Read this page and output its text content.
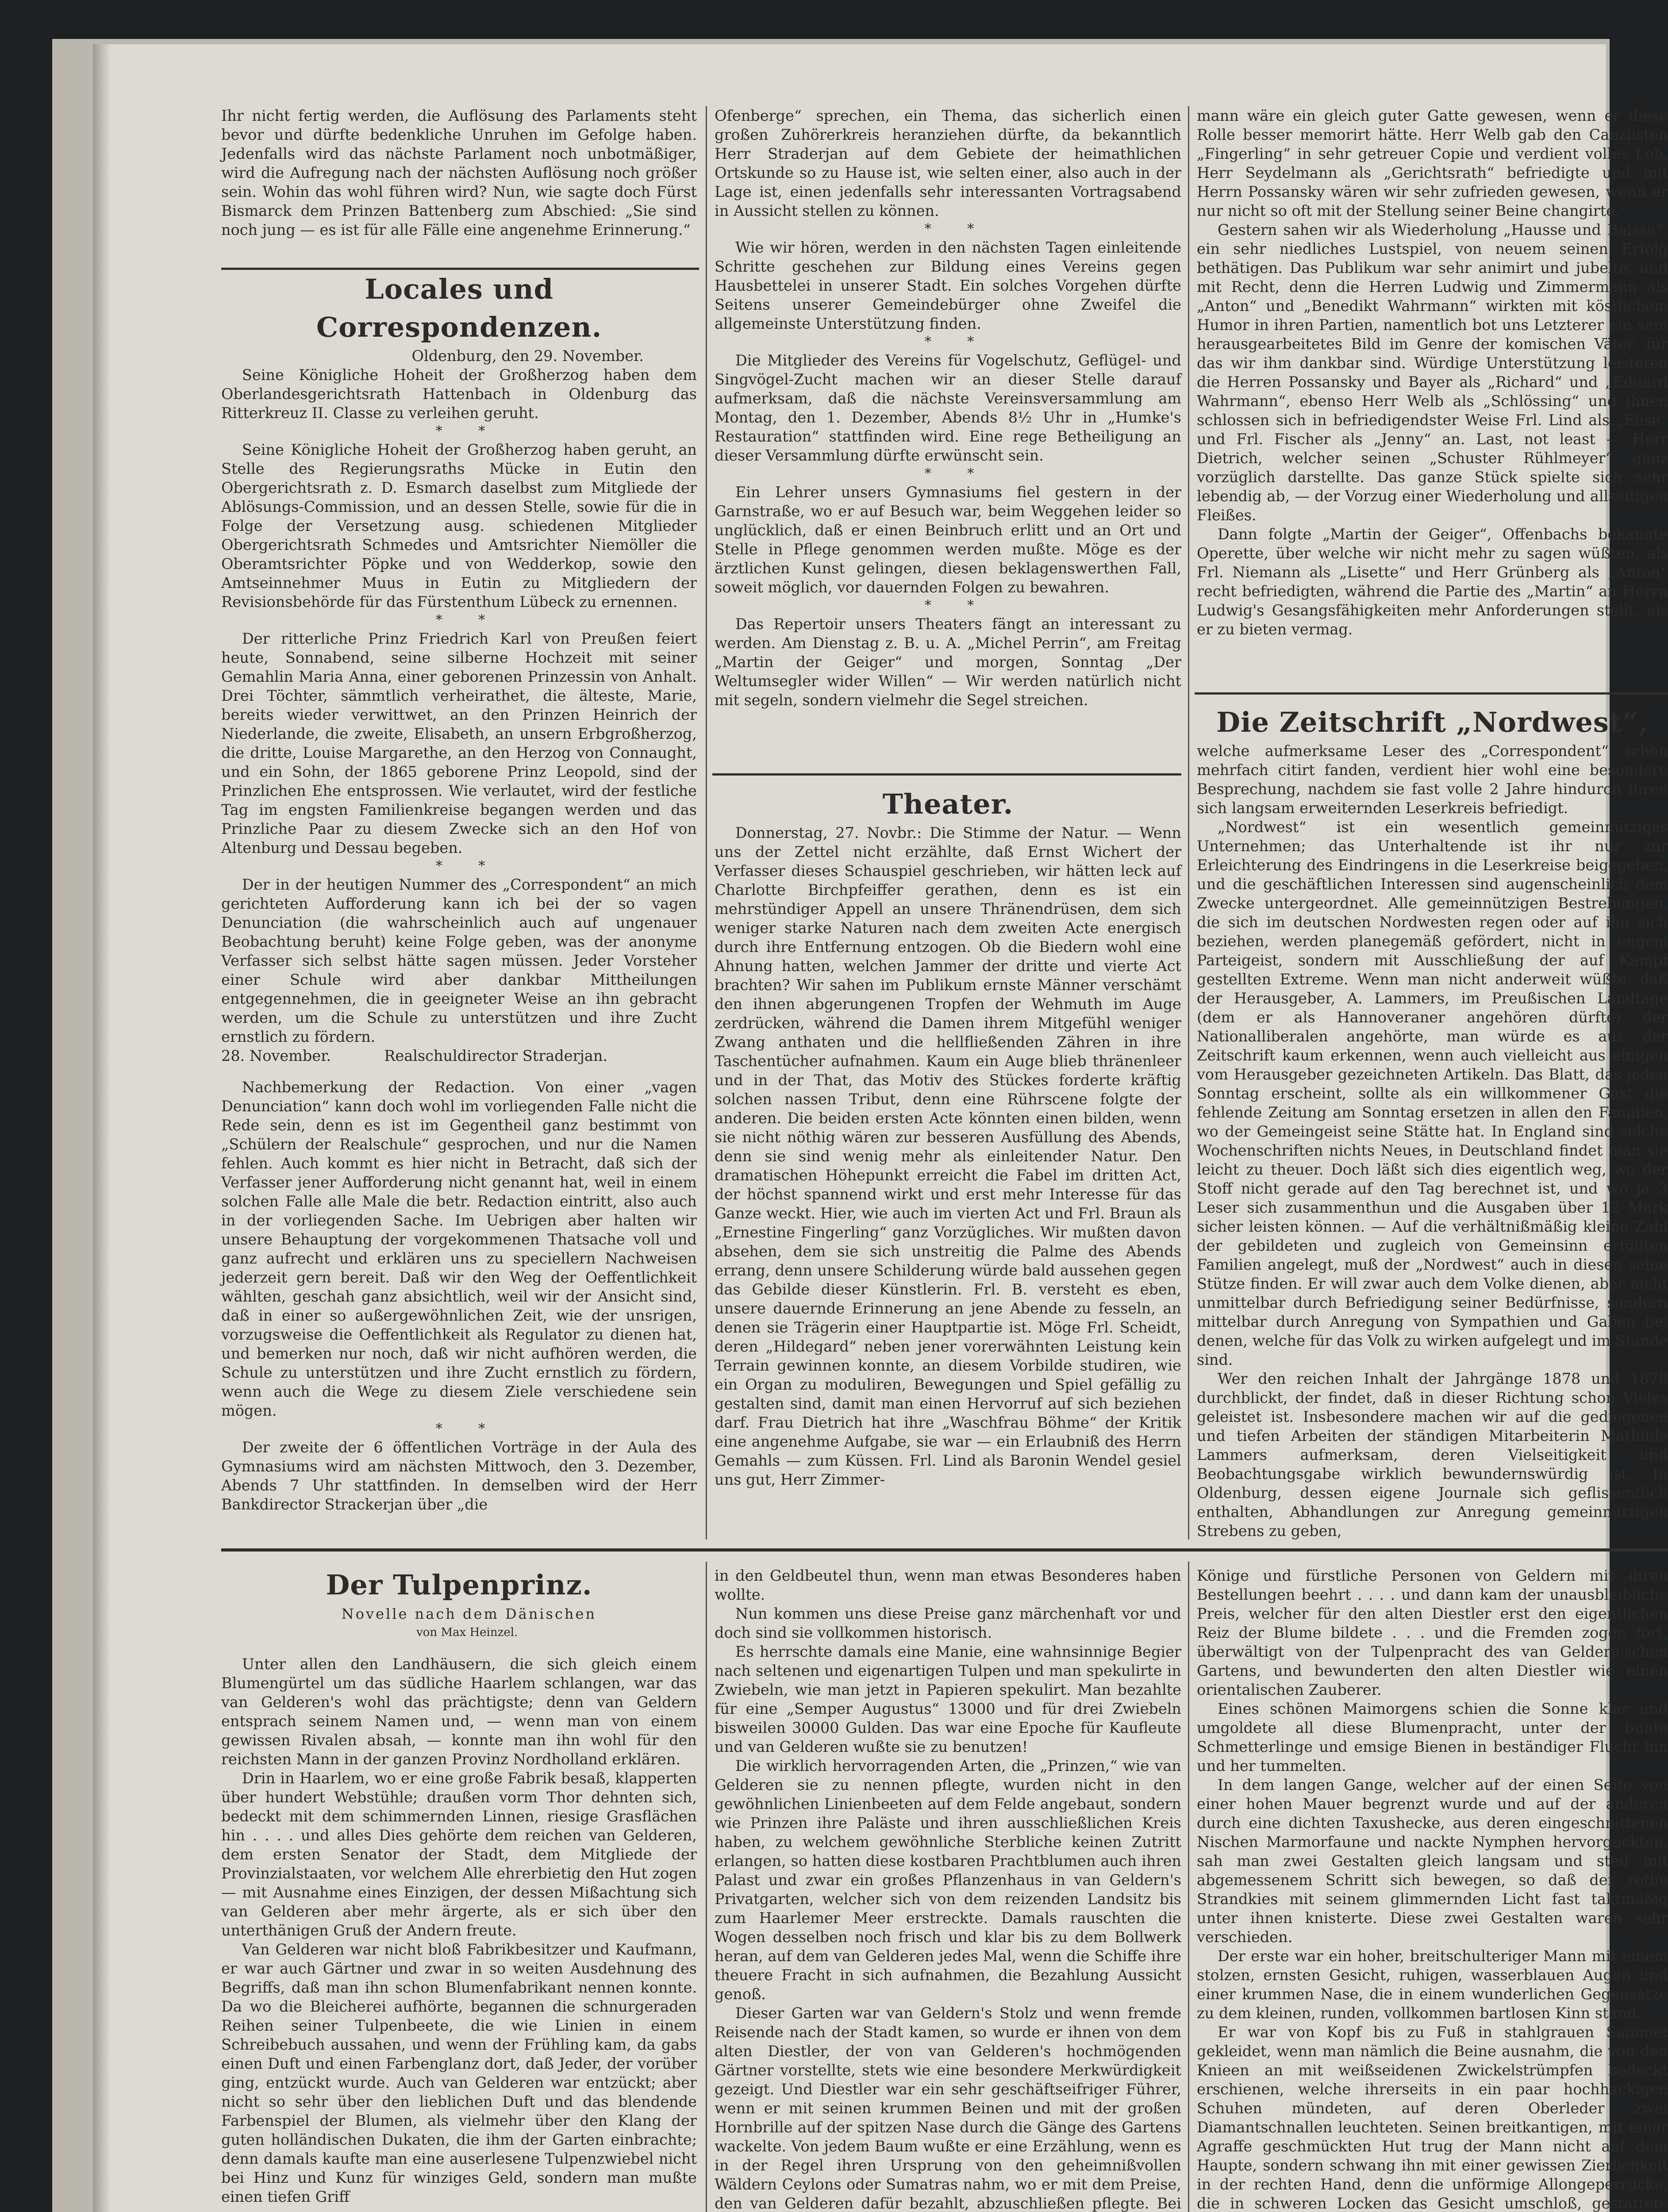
Ihr nicht fertig werden, die Auflösung des Parlaments steht bevor und dürfte bedenkliche Unruhen im Gefolge haben. Jedenfalls wird das nächste Parlament noch unbotmäßiger, wird die Aufregung nach der nächsten Auflösung noch größer sein. Wohin das wohl führen wird? Nun, wie sagte doch Fürst Bismarck dem Prinzen Battenberg zum Abschied: „Sie sind noch jung — es ist für alle Fälle eine angenehme Erinnerung.“

Locales und Correspondenzen.

Oldenburg, den 29. November.

Seine Königliche Hoheit der Großherzog haben dem Oberlandesgerichtsrath Hattenbach in Oldenburg das Ritterkreuz II. Classe zu verleihen geruht.

* *

Seine Königliche Hoheit der Großherzog haben geruht, an Stelle des Regierungsraths Mücke in Eutin den Obergerichtsrath z. D. Esmarch daselbst zum Mitgliede der Ablösungs-Commission, und an dessen Stelle, sowie für die in Folge der Versetzung ausg. schiedenen Mitglieder Obergerichtsrath Schmedes und Amtsrichter Niemöller die Oberamtsrichter Pöpke und von Wedderkop, sowie den Amtseinnehmer Muus in Eutin zu Mitgliedern der Revisionsbehörde für das Fürstenthum Lübeck zu ernennen.

* *

Der ritterliche Prinz Friedrich Karl von Preußen feiert heute, Sonnabend, seine silberne Hochzeit mit seiner Gemahlin Maria Anna, einer geborenen Prinzessin von Anhalt. Drei Töchter, sämmtlich verheirathet, die älteste, Marie, bereits wieder verwittwet, an den Prinzen Heinrich der Niederlande, die zweite, Elisabeth, an unsern Erbgroßherzog, die dritte, Louise Margarethe, an den Herzog von Connaught, und ein Sohn, der 1865 geborene Prinz Leopold, sind der Prinzlichen Ehe entsprossen. Wie verlautet, wird der festliche Tag im engsten Familienkreise begangen werden und das Prinzliche Paar zu diesem Zwecke sich an den Hof von Altenburg und Dessau begeben.

* *

Der in der heutigen Nummer des „Correspondent“ an mich gerichteten Aufforderung kann ich bei der so vagen Denunciation (die wahrscheinlich auch auf ungenauer Beobachtung beruht) keine Folge geben, was der anonyme Verfasser sich selbst hätte sagen müssen. Jeder Vorsteher einer Schule wird aber dankbar Mittheilungen entgegennehmen, die in geeigneter Weise an ihn gebracht werden, um die Schule zu unterstützen und ihre Zucht ernstlich zu fördern.

28. November.	Realschuldirector Straderjan.

Nachbemerkung der Redaction. Von einer „vagen Denunciation“ kann doch wohl im vorliegenden Falle nicht die Rede sein, denn es ist im Gegentheil ganz bestimmt von „Schülern der Realschule“ gesprochen, und nur die Namen fehlen. Auch kommt es hier nicht in Betracht, daß sich der Verfasser jener Aufforderung nicht genannt hat, weil in einem solchen Falle alle Male die betr. Redaction eintritt, also auch in der vorliegenden Sache. Im Uebrigen aber halten wir unsere Behauptung der vorgekommenen Thatsache voll und ganz aufrecht und erklären uns zu speciellern Nachweisen jederzeit gern bereit. Daß wir den Weg der Oeffentlichkeit wählten, geschah ganz absichtlich, weil wir der Ansicht sind, daß in einer so außergewöhnlichen Zeit, wie der unsrigen, vorzugsweise die Oeffentlichkeit als Regulator zu dienen hat, und bemerken nur noch, daß wir nicht aufhören werden, die Schule zu unterstützen und ihre Zucht ernstlich zu fördern, wenn auch die Wege zu diesem Ziele verschiedene sein mögen.

* *

Der zweite der 6 öffentlichen Vorträge in der Aula des Gymnasiums wird am nächsten Mittwoch, den 3. Dezember, Abends 7 Uhr stattfinden. In demselben wird der Herr Bankdirector Strackerjan über „die

Ofenberge“ sprechen, ein Thema, das sicherlich einen großen Zuhörerkreis heranziehen dürfte, da bekanntlich Herr Straderjan auf dem Gebiete der heimathlichen Ortskunde so zu Hause ist, wie selten einer, also auch in der Lage ist, einen jedenfalls sehr interessanten Vortragsabend in Aussicht stellen zu können.

* *

Wie wir hören, werden in den nächsten Tagen einleitende Schritte geschehen zur Bildung eines Vereins gegen Hausbettelei in unserer Stadt. Ein solches Vorgehen dürfte Seitens unserer Gemeindebürger ohne Zweifel die allgemeinste Unterstützung finden.

* *

Die Mitglieder des Vereins für Vogelschutz, Geflügel- und Singvögel-Zucht machen wir an dieser Stelle darauf aufmerksam, daß die nächste Vereinsversammlung am Montag, den 1. Dezember, Abends 8½ Uhr in „Humke's Restauration“ stattfinden wird. Eine rege Betheiligung an dieser Versammlung dürfte erwünscht sein.

* *

Ein Lehrer unsers Gymnasiums fiel gestern in der Garnstraße, wo er auf Besuch war, beim Weggehen leider so unglücklich, daß er einen Beinbruch erlitt und an Ort und Stelle in Pflege genommen werden mußte. Möge es der ärztlichen Kunst gelingen, diesen beklagenswerthen Fall, soweit möglich, vor dauernden Folgen zu bewahren.

* *

Das Repertoir unsers Theaters fängt an interessant zu werden. Am Dienstag z. B. u. A. „Michel Perrin“, am Freitag „Martin der Geiger“ und morgen, Sonntag „Der Weltumsegler wider Willen“ — Wir werden natürlich nicht mit segeln, sondern vielmehr die Segel streichen.

Theater.

Donnerstag, 27. Novbr.: Die Stimme der Natur. — Wenn uns der Zettel nicht erzählte, daß Ernst Wichert der Verfasser dieses Schauspiel geschrieben, wir hätten leck auf Charlotte Birchpfeiffer gerathen, denn es ist ein mehrstündiger Appell an unsere Thränendrüsen, dem sich weniger starke Naturen nach dem zweiten Acte energisch durch ihre Entfernung entzogen. Ob die Biedern wohl eine Ahnung hatten, welchen Jammer der dritte und vierte Act brachten? Wir sahen im Publikum ernste Männer verschämt den ihnen abgerungenen Tropfen der Wehmuth im Auge zerdrücken, während die Damen ihrem Mitgefühl weniger Zwang anthaten und die hellfließenden Zähren in ihre Taschentücher aufnahmen. Kaum ein Auge blieb thränenleer und in der That, das Motiv des Stückes forderte kräftig solchen nassen Tribut, denn eine Rührscene folgte der anderen. Die beiden ersten Acte könnten einen bilden, wenn sie nicht nöthig wären zur besseren Ausfüllung des Abends, denn sie sind wenig mehr als einleitender Natur. Den dramatischen Höhepunkt erreicht die Fabel im dritten Act, der höchst spannend wirkt und erst mehr Interesse für das Ganze weckt. Hier, wie auch im vierten Act und Frl. Braun als „Ernestine Fingerling“ ganz Vorzügliches. Wir mußten davon absehen, dem sie sich unstreitig die Palme des Abends errang, denn unsere Schilderung würde bald aussehen gegen das Gebilde dieser Künstlerin. Frl. B. versteht es eben, unsere dauernde Erinnerung an jene Abende zu fesseln, an denen sie Trägerin einer Hauptpartie ist. Möge Frl. Scheidt, deren „Hildegard“ neben jener vorerwähnten Leistung kein Terrain gewinnen konnte, an diesem Vorbilde studiren, wie ein Organ zu moduliren, Bewegungen und Spiel gefällig zu gestalten sind, damit man einen Hervorruf auf sich beziehen darf. Frau Dietrich hat ihre „Waschfrau Böhme“ der Kritik eine angenehme Aufgabe, sie war — ein Erlaubniß des Herrn Gemahls — zum Küssen. Frl. Lind als Baronin Wendel gesiel uns gut, Herr Zimmer-

mann wäre ein gleich guter Gatte gewesen, wenn er diese Rolle besser memorirt hätte. Herr Welb gab den Canzlisten „Fingerling“ in sehr getreuer Copie und verdient volles Lob, Herr Seydelmann als „Gerichtsrath“ befriedigte und mit Herrn Possansky wären wir sehr zufrieden gewesen, wenn er nur nicht so oft mit der Stellung seiner Beine changirte.

Gestern sahen wir als Wiederholung „Hausse und Baisse“, ein sehr niedliches Lustspiel, von neuem seinen Erfolg bethätigen. Das Publikum war sehr animirt und jubelte, und mit Recht, denn die Herren Ludwig und Zimmermann als „Anton“ und „Benedikt Wahrmann“ wirkten mit köstlichem Humor in ihren Partien, namentlich bot uns Letzterer ein sein herausgearbeitetes Bild im Genre der komischen Väter, für das wir ihm dankbar sind. Würdige Unterstützung leisteten die Herren Possansky und Bayer als „Richard“ und „Eduard Wahrmann“, ebenso Herr Welb als „Schlössing“ und ihnen schlossen sich in befriedigendster Weise Frl. Lind als „Elise“ und Frl. Fischer als „Jenny“ an. Last, not least — Herr Dietrich, welcher seinen „Schuster Rühlmeyer“ ganz vorzüglich darstellte. Das ganze Stück spielte sich sehr lebendig ab, — der Vorzug einer Wiederholung und allseitigen Fleißes.

Dann folgte „Martin der Geiger“, Offenbachs bekannte Operette, über welche wir nicht mehr zu sagen wüßten, als Frl. Niemann als „Lisette“ und Herr Grünberg als „Anton“ recht befriedigten, während die Partie des „Martin“ an Herrn Ludwig's Gesangsfähigkeiten mehr Anforderungen stellt, als er zu bieten vermag.

Die Zeitschrift „Nordwest“,

welche aufmerksame Leser des „Correspondent“ schon mehrfach citirt fanden, verdient hier wohl eine besondere Besprechung, nachdem sie fast volle 2 Jahre hindurch ihren sich langsam erweiternden Leserkreis befriedigt.

„Nordwest“ ist ein wesentlich gemeinnütziges Unternehmen; das Unterhaltende ist ihr nur zur Erleichterung des Eindringens in die Leserkreise beigegeben, und die geschäftlichen Interessen sind augenscheinlich dem Zwecke untergeordnet. Alle gemeinnützigen Bestrebungen, die sich im deutschen Nordwesten regen oder auf ihn sich beziehen, werden planegemäß gefördert, nicht in engem Parteigeist, sondern mit Ausschließung der auf Kampf gestellten Extreme. Wenn man nicht anderweit wüßte, daß der Herausgeber, A. Lammers, im Preußischen Landtage (dem er als Hannoveraner angehören dürfte) der Nationalliberalen angehörte, man würde es aus der Zeitschrift kaum erkennen, wenn auch vielleicht aus einigen vom Herausgeber gezeichneten Artikeln. Das Blatt, das jeden Sonntag erscheint, sollte als ein willkommener Gast die fehlende Zeitung am Sonntag ersetzen in allen den Familien, wo der Gemeingeist seine Stätte hat. In England sind solche Wochenschriften nichts Neues, in Deutschland findet man sie leicht zu theuer. Doch läßt sich dies eigentlich weg, wo der Stoff nicht gerade auf den Tag berechnet ist, und wo ja 3 Leser sich zusammenthun und die Ausgaben über 12 Mark sicher leisten können. — Auf die verhältnißmäßig kleine Zahl der gebildeten und zugleich von Gemeinsinn erfüllten Familien angelegt, muß der „Nordwest“ auch in diesen seine Stütze finden. Er will zwar auch dem Volke dienen, aber nicht unmittelbar durch Befriedigung seiner Bedürfnisse, sondern mittelbar durch Anregung von Sympathien und Gaben bei denen, welche für das Volk zu wirken aufgelegt und im Stande sind.

Wer den reichen Inhalt der Jahrgänge 1878 und 1879 durchblickt, der findet, daß in dieser Richtung schon Vieles geleistet ist. Insbesondere machen wir auf die gediegenen und tiefen Arbeiten der ständigen Mitarbeiterin Mathilde Lammers aufmerksam, deren Vielseitigkeit und Beobachtungsgabe wirklich bewundernswürdig ist. In Oldenburg, dessen eigene Journale sich geflissentlich enthalten, Abhandlungen zur Anregung gemeinnützigen Strebens zu geben,

Der Tulpenprinz.

Novelle nach dem Dänischen

von Max Heinzel.

Unter allen den Landhäusern, die sich gleich einem Blumengürtel um das südliche Haarlem schlangen, war das van Gelderen's wohl das prächtigste; denn van Geldern entsprach seinem Namen und, — wenn man von einem gewissen Rivalen absah, — konnte man ihn wohl für den reichsten Mann in der ganzen Provinz Nordholland erklären.

Drin in Haarlem, wo er eine große Fabrik besaß, klapperten über hundert Webstühle; draußen vorm Thor dehnten sich, bedeckt mit dem schimmernden Linnen, riesige Grasflächen hin . . . . und alles Dies gehörte dem reichen van Gelderen, dem ersten Senator der Stadt, dem Mitgliede der Provinzialstaaten, vor welchem Alle ehrerbietig den Hut zogen — mit Ausnahme eines Einzigen, der dessen Mißachtung sich van Gelderen aber mehr ärgerte, als er sich über den unterthänigen Gruß der Andern freute.

Van Gelderen war nicht bloß Fabrikbesitzer und Kaufmann, er war auch Gärtner und zwar in so weiten Ausdehnung des Begriffs, daß man ihn schon Blumenfabrikant nennen konnte. Da wo die Bleicherei aufhörte, begannen die schnurgeraden Reihen seiner Tulpenbeete, die wie Linien in einem Schreibebuch aussahen, und wenn der Frühling kam, da gabs einen Duft und einen Farbenglanz dort, daß Jeder, der vorüber ging, entzückt wurde. Auch van Gelderen war entzückt; aber nicht so sehr über den lieblichen Duft und das blendende Farbenspiel der Blumen, als vielmehr über den Klang der guten holländischen Dukaten, die ihm der Garten einbrachte; denn damals kaufte man eine auserlesene Tulpenzwiebel nicht bei Hinz und Kunz für winziges Geld, sondern man mußte einen tiefen Griff

in den Geldbeutel thun, wenn man etwas Besonderes haben wollte.

Nun kommen uns diese Preise ganz märchenhaft vor und doch sind sie vollkommen historisch.

Es herrschte damals eine Manie, eine wahnsinnige Begier nach seltenen und eigenartigen Tulpen und man spekulirte in Zwiebeln, wie man jetzt in Papieren spekulirt. Man bezahlte für eine „Semper Augustus“ 13000 und für drei Zwiebeln bisweilen 30000 Gulden. Das war eine Epoche für Kaufleute und van Gelderen wußte sie zu benutzen!

Die wirklich hervorragenden Arten, die „Prinzen,“ wie van Gelderen sie zu nennen pflegte, wurden nicht in den gewöhnlichen Linienbeeten auf dem Felde angebaut, sondern wie Prinzen ihre Paläste und ihren ausschließlichen Kreis haben, zu welchem gewöhnliche Sterbliche keinen Zutritt erlangen, so hatten diese kostbaren Prachtblumen auch ihren Palast und zwar ein großes Pflanzenhaus in van Geldern's Privatgarten, welcher sich von dem reizenden Landsitz bis zum Haarlemer Meer erstreckte. Damals rauschten die Wogen desselben noch frisch und klar bis zu dem Bollwerk heran, auf dem van Gelderen jedes Mal, wenn die Schiffe ihre theuere Fracht in sich aufnahmen, die Bezahlung Aussicht genoß.

Dieser Garten war van Geldern's Stolz und wenn fremde Reisende nach der Stadt kamen, so wurde er ihnen von dem alten Diestler, der von van Gelderen's hochmögenden Gärtner vorstellte, stets wie eine besondere Merkwürdigkeit gezeigt. Und Diestler war ein sehr geschäftseifriger Führer, wenn er mit seinen krummen Beinen und mit der großen Hornbrille auf der spitzen Nase durch die Gänge des Gartens wackelte. Von jedem Baum wußte er eine Erzählung, wenn es in der Regel ihren Ursprung von den geheimnißvollen Wäldern Ceylons oder Sumatras nahm, wo er mit dem Preise, den van Gelderen dafür bezahlt, abzuschließen pflegte. Bei

Könige und fürstliche Personen von Geldern mit ihren Bestellungen beehrt . . . . und dann kam der unausbleibliche Preis, welcher für den alten Diestler erst den eigentlichen Reiz der Blume bildete . . . und die Fremden zogen fort, überwältigt von der Tulpenpracht des van Geldern'schen Gartens, und bewunderten den alten Diestler wie einen orientalischen Zauberer.

Eines schönen Maimorgens schien die Sonne klar und umgoldete all diese Blumenpracht, unter der bunte Schmetterlinge und emsige Bienen in beständiger Flucht hin und her tummelten.

In dem langen Gange, welcher auf der einen Seite von einer hohen Mauer begrenzt wurde und auf der anderen durch eine dichten Taxushecke, aus deren eingeschnittenen Nischen Marmorfaune und nackte Nymphen hervorguckten, sah man zwei Gestalten gleich langsam und steif mit abgemessenem Schritt sich bewegen, so daß der rothe Strandkies mit seinem glimmernden Licht fast taktmäßig unter ihnen knisterte. Diese zwei Gestalten waren sehr verschieden.

Der erste war ein hoher, breitschulteriger Mann mit einem stolzen, ernsten Gesicht, ruhigen, wasserblauen Augen und einer krummen Nase, die in einem wunderlichen Gegensatze zu dem kleinen, runden, vollkommen bartlosen Kinn stand.

Er war von Kopf bis zu Fuß in stahlgrauen Sammet gekleidet, wenn man nämlich die Beine ausnahm, die von den Knieen an mit weißseidenen Zwickelstrümpfen bedeckt erschienen, welche ihrerseits in ein paar hochhackigen Schuhen mündeten, auf deren Oberleder zwei Diamantschnallen leuchteten. Seinen breitkantigen, mit einer Agraffe geschmückten Hut trug der Mann nicht auf dem Haupte, sondern schwang ihn mit einer gewissen Zierlichkeit in der rechten Hand, denn die unförmige Allongeperrücke, die in schweren Locken das Gesicht umschloß, gestattete
